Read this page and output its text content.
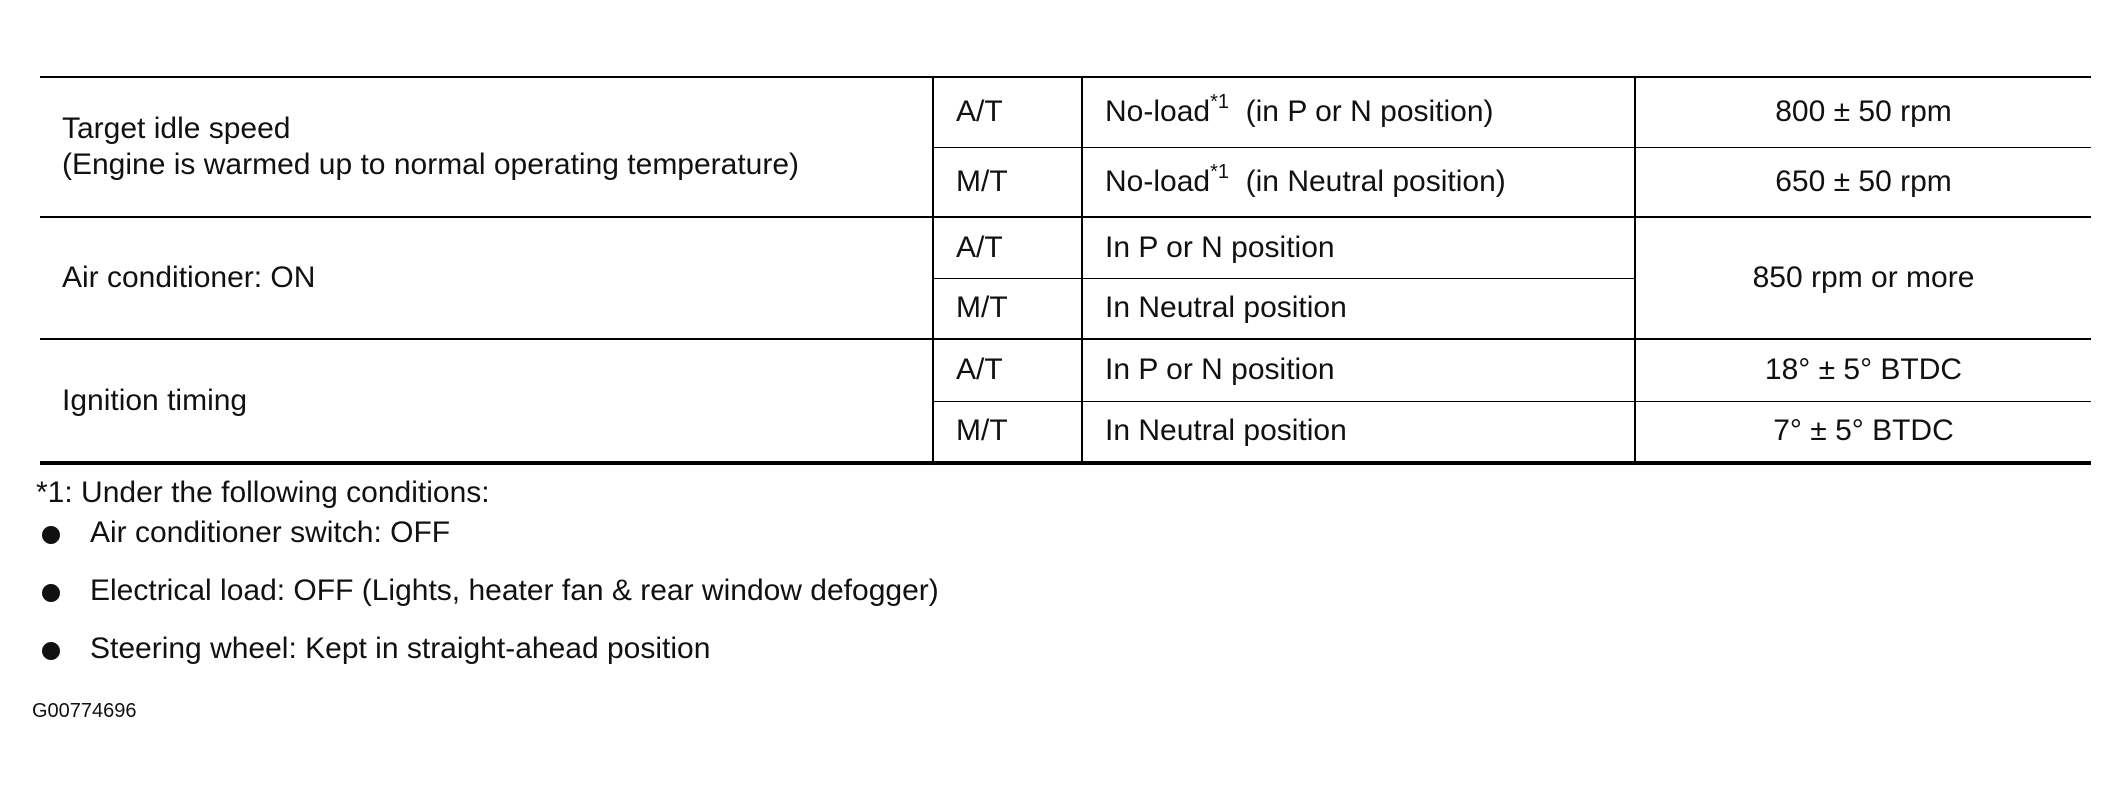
Target idle speed
(Engine is warmed up to normal operating temperature)	A/T	No-load$^{*1}$ (in P or N position)	800 ± 50 rpm
	M/T	No-load$^{*1}$ (in Neutral position)	650 ± 50 rpm

Air conditioner: ON	A/T	In P or N position	850 rpm or more
	M/T	In Neutral position	

Ignition timing	A/T	In P or N position	18° ± 5° BTDC
	M/T	In Neutral position	7° ± 5° BTDC
*1: Under the following conditions:
Air conditioner switch: OFF
Electrical load: OFF (Lights, heater fan & rear window defogger)
Steering wheel: Kept in straight-ahead position
G00774696
